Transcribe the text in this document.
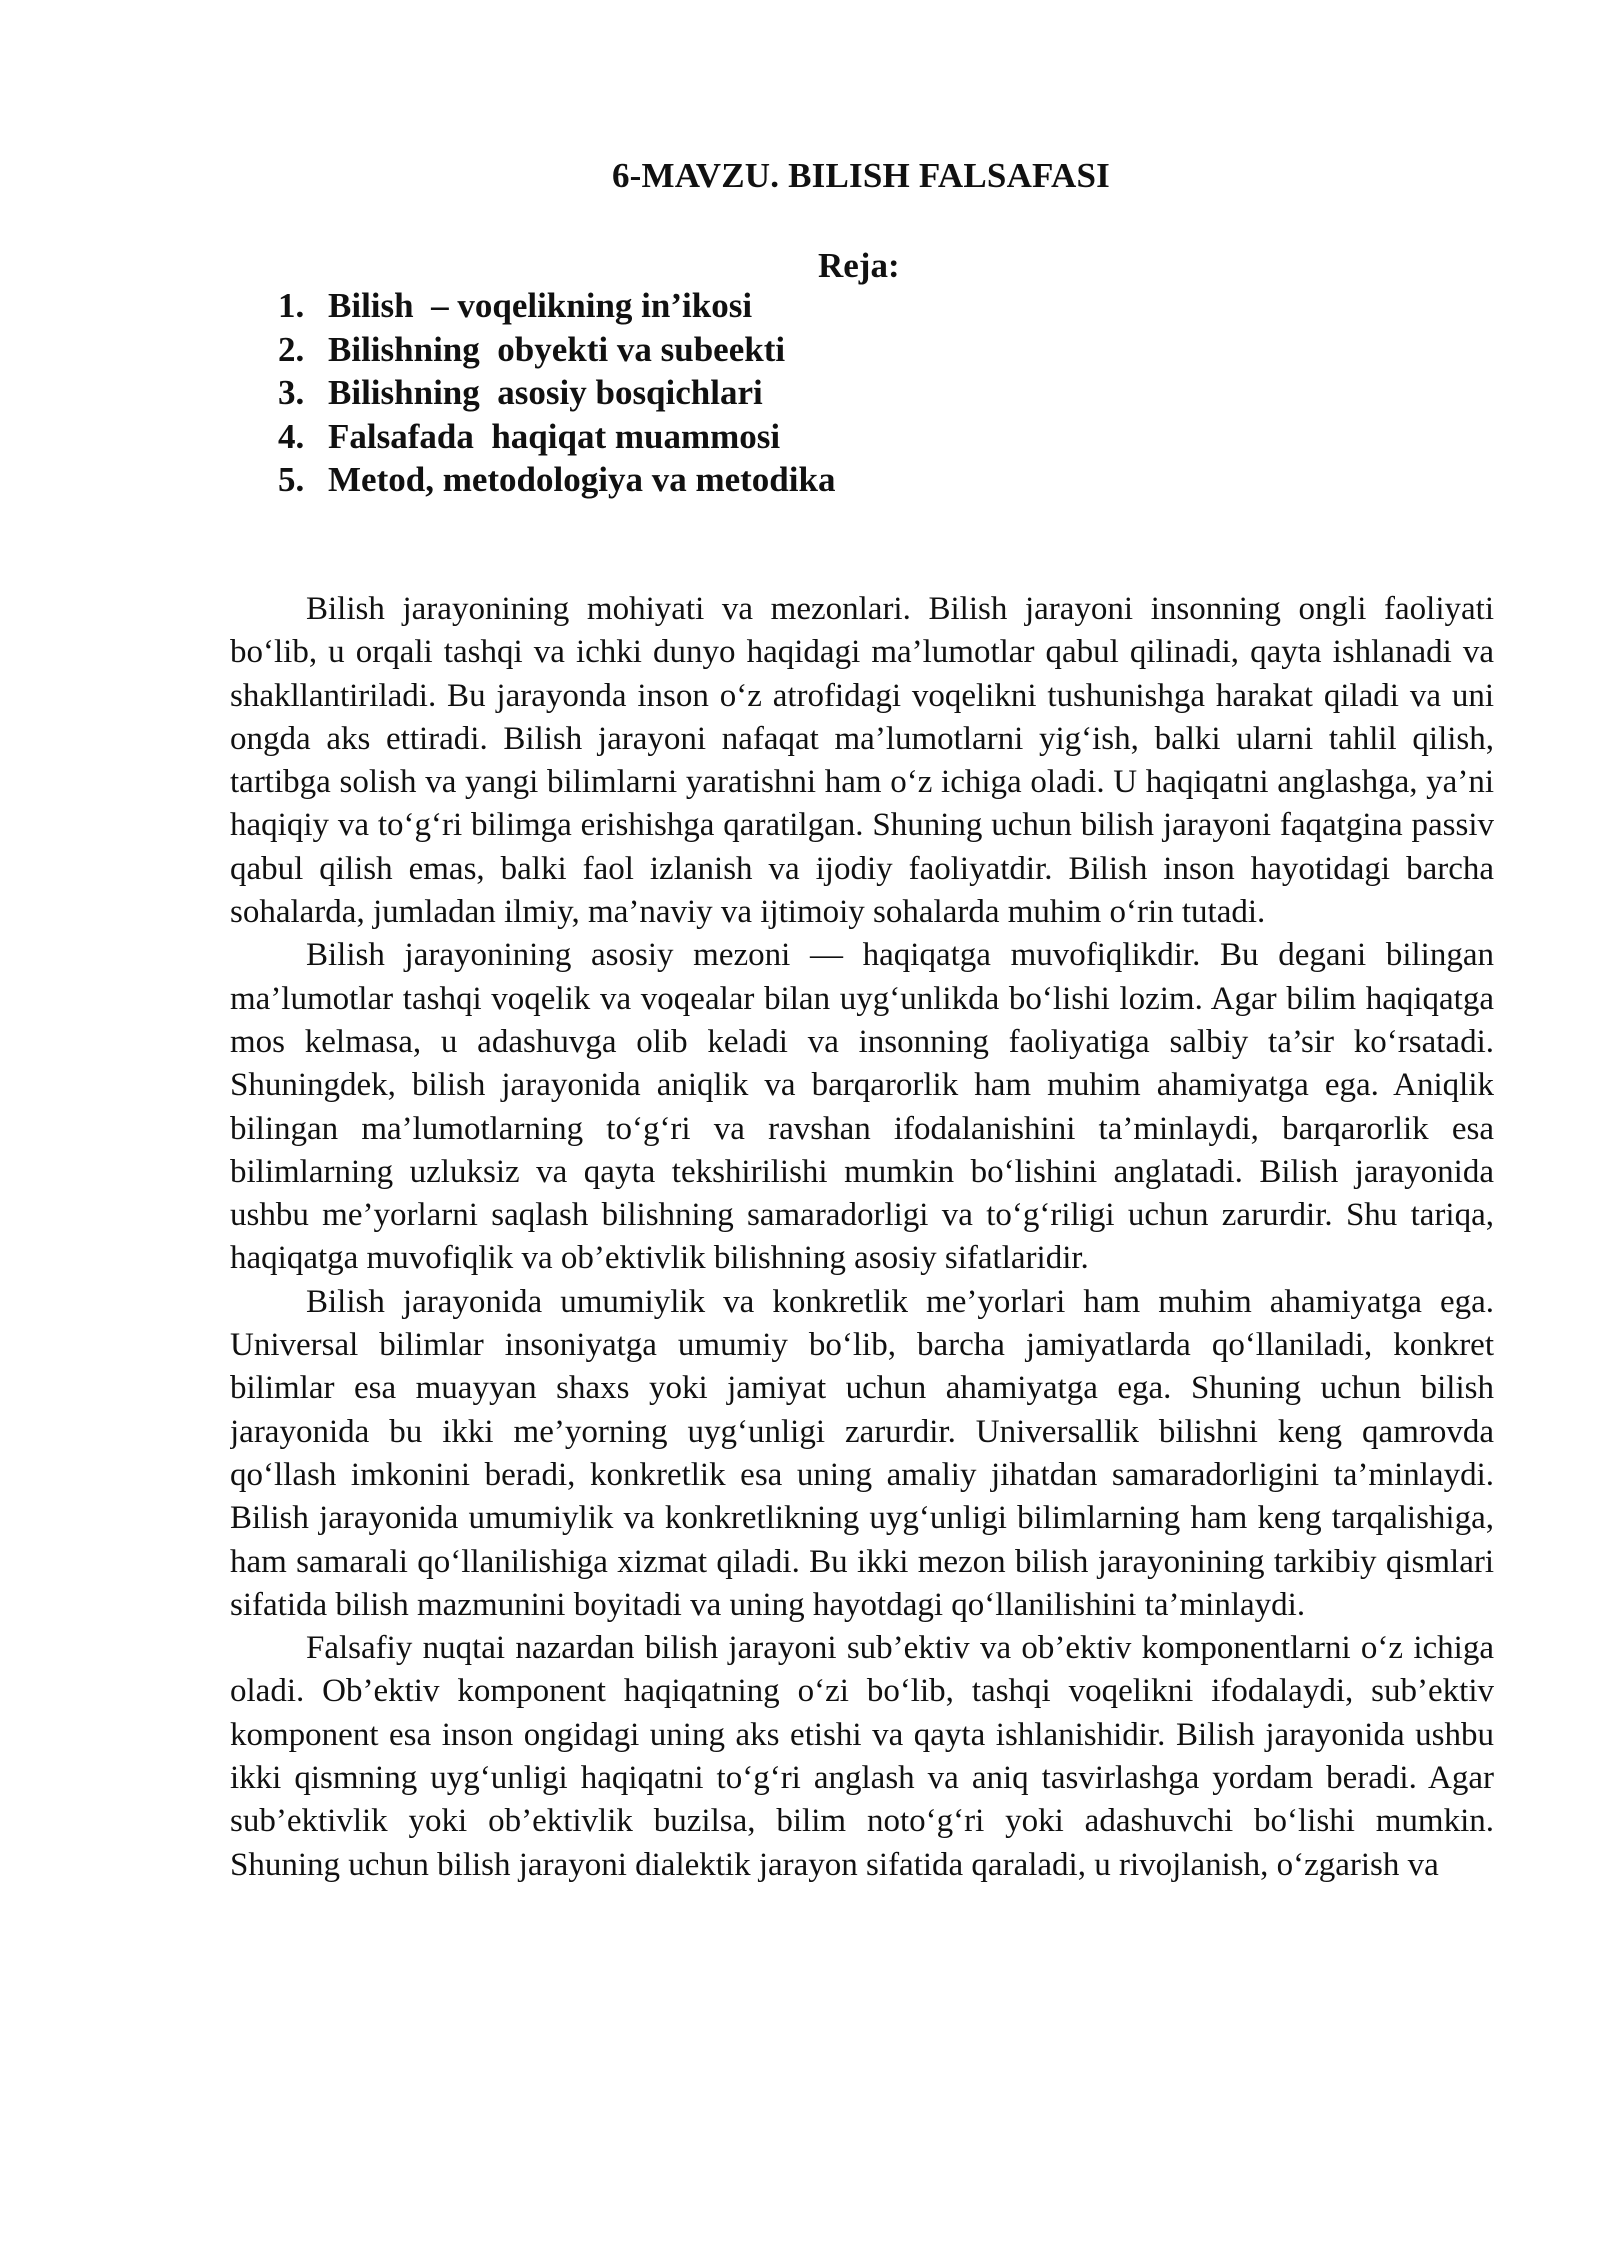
6-MAVZU. BILISH FALSAFASI
Reja:
1. Bilish  – voqelikning in’ikosi
2. Bilishning  obyekti va subeekti
3. Bilishning  asosiy bosqichlari
4. Falsafada  haqiqat muammosi
5. Metod, metodologiya va metodika

Bilish jarayonining mohiyati va mezonlari. Bilish jarayoni insonning ongli faoliyati bo‘lib, u orqali tashqi va ichki dunyo haqidagi ma’lumotlar qabul qilinadi, qayta ishlanadi va shakllantiriladi. Bu jarayonda inson o‘z atrofidagi voqelikni tushunishga harakat qiladi va uni ongda aks ettiradi. Bilish jarayoni nafaqat ma’lumotlarni yig‘ish, balki ularni tahlil qilish, tartibga solish va yangi bilimlarni yaratishni ham o‘z ichiga oladi. U haqiqatni anglashga, ya’ni haqiqiy va to‘g‘ri bilimga erishishga qaratilgan. Shuning uchun bilish jarayoni faqatgina passiv qabul qilish emas, balki faol izlanish va ijodiy faoliyatdir. Bilish inson hayotidagi barcha sohalarda, jumladan ilmiy, ma’naviy va ijtimoiy sohalarda muhim o‘rin tutadi.

Bilish jarayonining asosiy mezoni — haqiqatga muvofiqlikdir. Bu degani bilingan ma’lumotlar tashqi voqelik va voqealar bilan uyg‘unlikda bo‘lishi lozim. Agar bilim haqiqatga mos kelmasa, u adashuvga olib keladi va insonning faoliyatiga salbiy ta’sir ko‘rsatadi. Shuningdek, bilish jarayonida aniqlik va barqarorlik ham muhim ahamiyatga ega. Aniqlik bilingan ma’lumotlarning to‘g‘ri va ravshan ifodalanishini ta’minlaydi, barqarorlik esa bilimlarning uzluksiz va qayta tekshirilishi mumkin bo‘lishini anglatadi. Bilish jarayonida ushbu me’yorlarni saqlash bilishning samaradorligi va to‘g‘riligi uchun zarurdir. Shu tariqa, haqiqatga muvofiqlik va ob’ektivlik bilishning asosiy sifatlaridir.

Bilish jarayonida umumiylik va konkretlik me’yorlari ham muhim ahamiyatga ega. Universal bilimlar insoniyatga umumiy bo‘lib, barcha jamiyatlarda qo‘llaniladi, konkret bilimlar esa muayyan shaxs yoki jamiyat uchun ahamiyatga ega. Shuning uchun bilish jarayonida bu ikki me’yorning uyg‘unligi zarurdir. Universallik bilishni keng qamrovda qo‘llash imkonini beradi, konkretlik esa uning amaliy jihatdan samaradorligini ta’minlaydi. Bilish jarayonida umumiylik va konkretlikning uyg‘unligi bilimlarning ham keng tarqalishiga, ham samarali qo‘llanilishiga xizmat qiladi. Bu ikki mezon bilish jarayonining tarkibiy qismlari sifatida bilish mazmunini boyitadi va uning hayotdagi qo‘llanilishini ta’minlaydi.

Falsafiy nuqtai nazardan bilish jarayoni sub’ektiv va ob’ektiv komponentlarni o‘z ichiga oladi. Ob’ektiv komponent haqiqatning o‘zi bo‘lib, tashqi voqelikni ifodalaydi, sub’ektiv komponent esa inson ongidagi uning aks etishi va qayta ishlanishidir. Bilish jarayonida ushbu ikki qismning uyg‘unligi haqiqatni to‘g‘ri anglash va aniq tasvirlashga yordam beradi. Agar sub’ektivlik yoki ob’ektivlik buzilsa, bilim noto‘g‘ri yoki adashuvchi bo‘lishi mumkin. Shuning uchun bilish jarayoni dialektik jarayon sifatida qaraladi, u rivojlanish, o‘zgarish va
